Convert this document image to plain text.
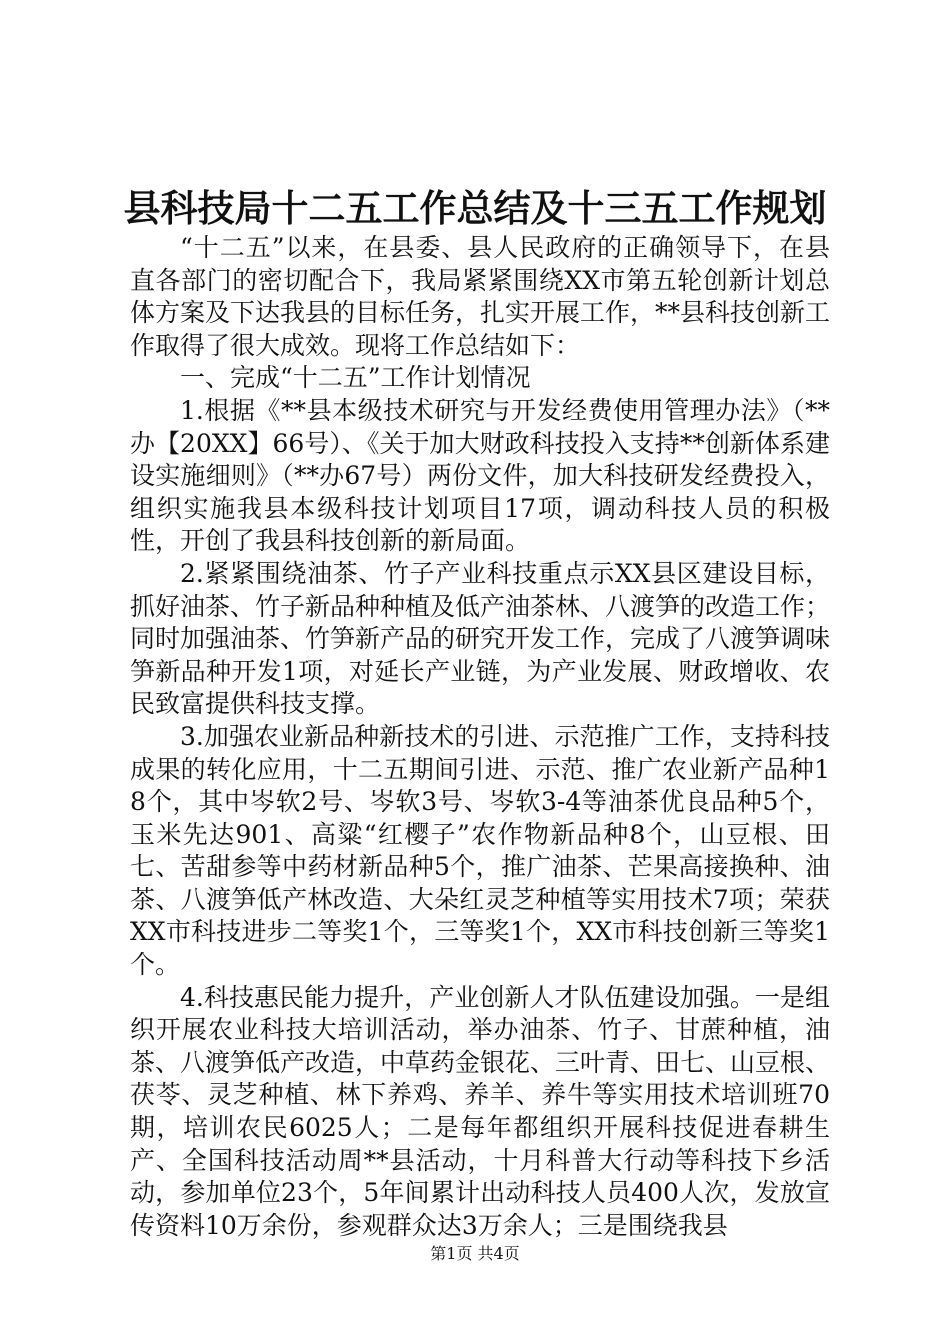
县科技局十二五工作总结及十三五工作规划

“十二五”以来，在县委、县人民政府的正确领导下，在县直各部门的密切配合下，我局紧紧围绕XX市第五轮创新计划总体方案及下达我县的目标任务，扎实开展工作，**县科技创新工作取得了很大成效。现将工作总结如下：

一、完成“十二五”工作计划情况

1.根据《**县本级技术研究与开发经费使用管理办法》（**办【20XX】66号）、《关于加大财政科技投入支持**创新体系建设实施细则》（**办67号）两份文件，加大科技研发经费投入，组织实施我县本级科技计划项目17项，调动科技人员的积极性，开创了我县科技创新的新局面。

2.紧紧围绕油茶、竹子产业科技重点示XX县区建设目标，抓好油茶、竹子新品种种植及低产油茶林、八渡笋的改造工作；同时加强油茶、竹笋新产品的研究开发工作，完成了八渡笋调味笋新品种开发1项，对延长产业链，为产业发展、财政增收、农民致富提供科技支撑。

3.加强农业新品种新技术的引进、示范推广工作，支持科技成果的转化应用，十二五期间引进、示范、推广农业新产品种18个，其中岑软2号、岑软3号、岑软3-4等油茶优良品种5个，玉米先达901、高粱“红樱子”农作物新品种8个，山豆根、田七、苦甜参等中药材新品种5个，推广油茶、芒果高接换种、油茶、八渡笋低产林改造、大朵红灵芝种植等实用技术7项；荣获XX市科技进步二等奖1个，三等奖1个，XX市科技创新三等奖1个。

4.科技惠民能力提升，产业创新人才队伍建设加强。一是组织开展农业科技大培训活动，举办油茶、竹子、甘蔗种植，油茶、八渡笋低产改造，中草药金银花、三叶青、田七、山豆根、茯苓、灵芝种植、林下养鸡、养羊、养牛等实用技术培训班70期，培训农民6025人；二是每年都组织开展科技促进春耕生产、全国科技活动周**县活动，十月科普大行动等科技下乡活动，参加单位23个，5年间累计出动科技人员400人次，发放宣传资料10万余份，参观群众达3万余人；三是围绕我县

第1页 共4页
